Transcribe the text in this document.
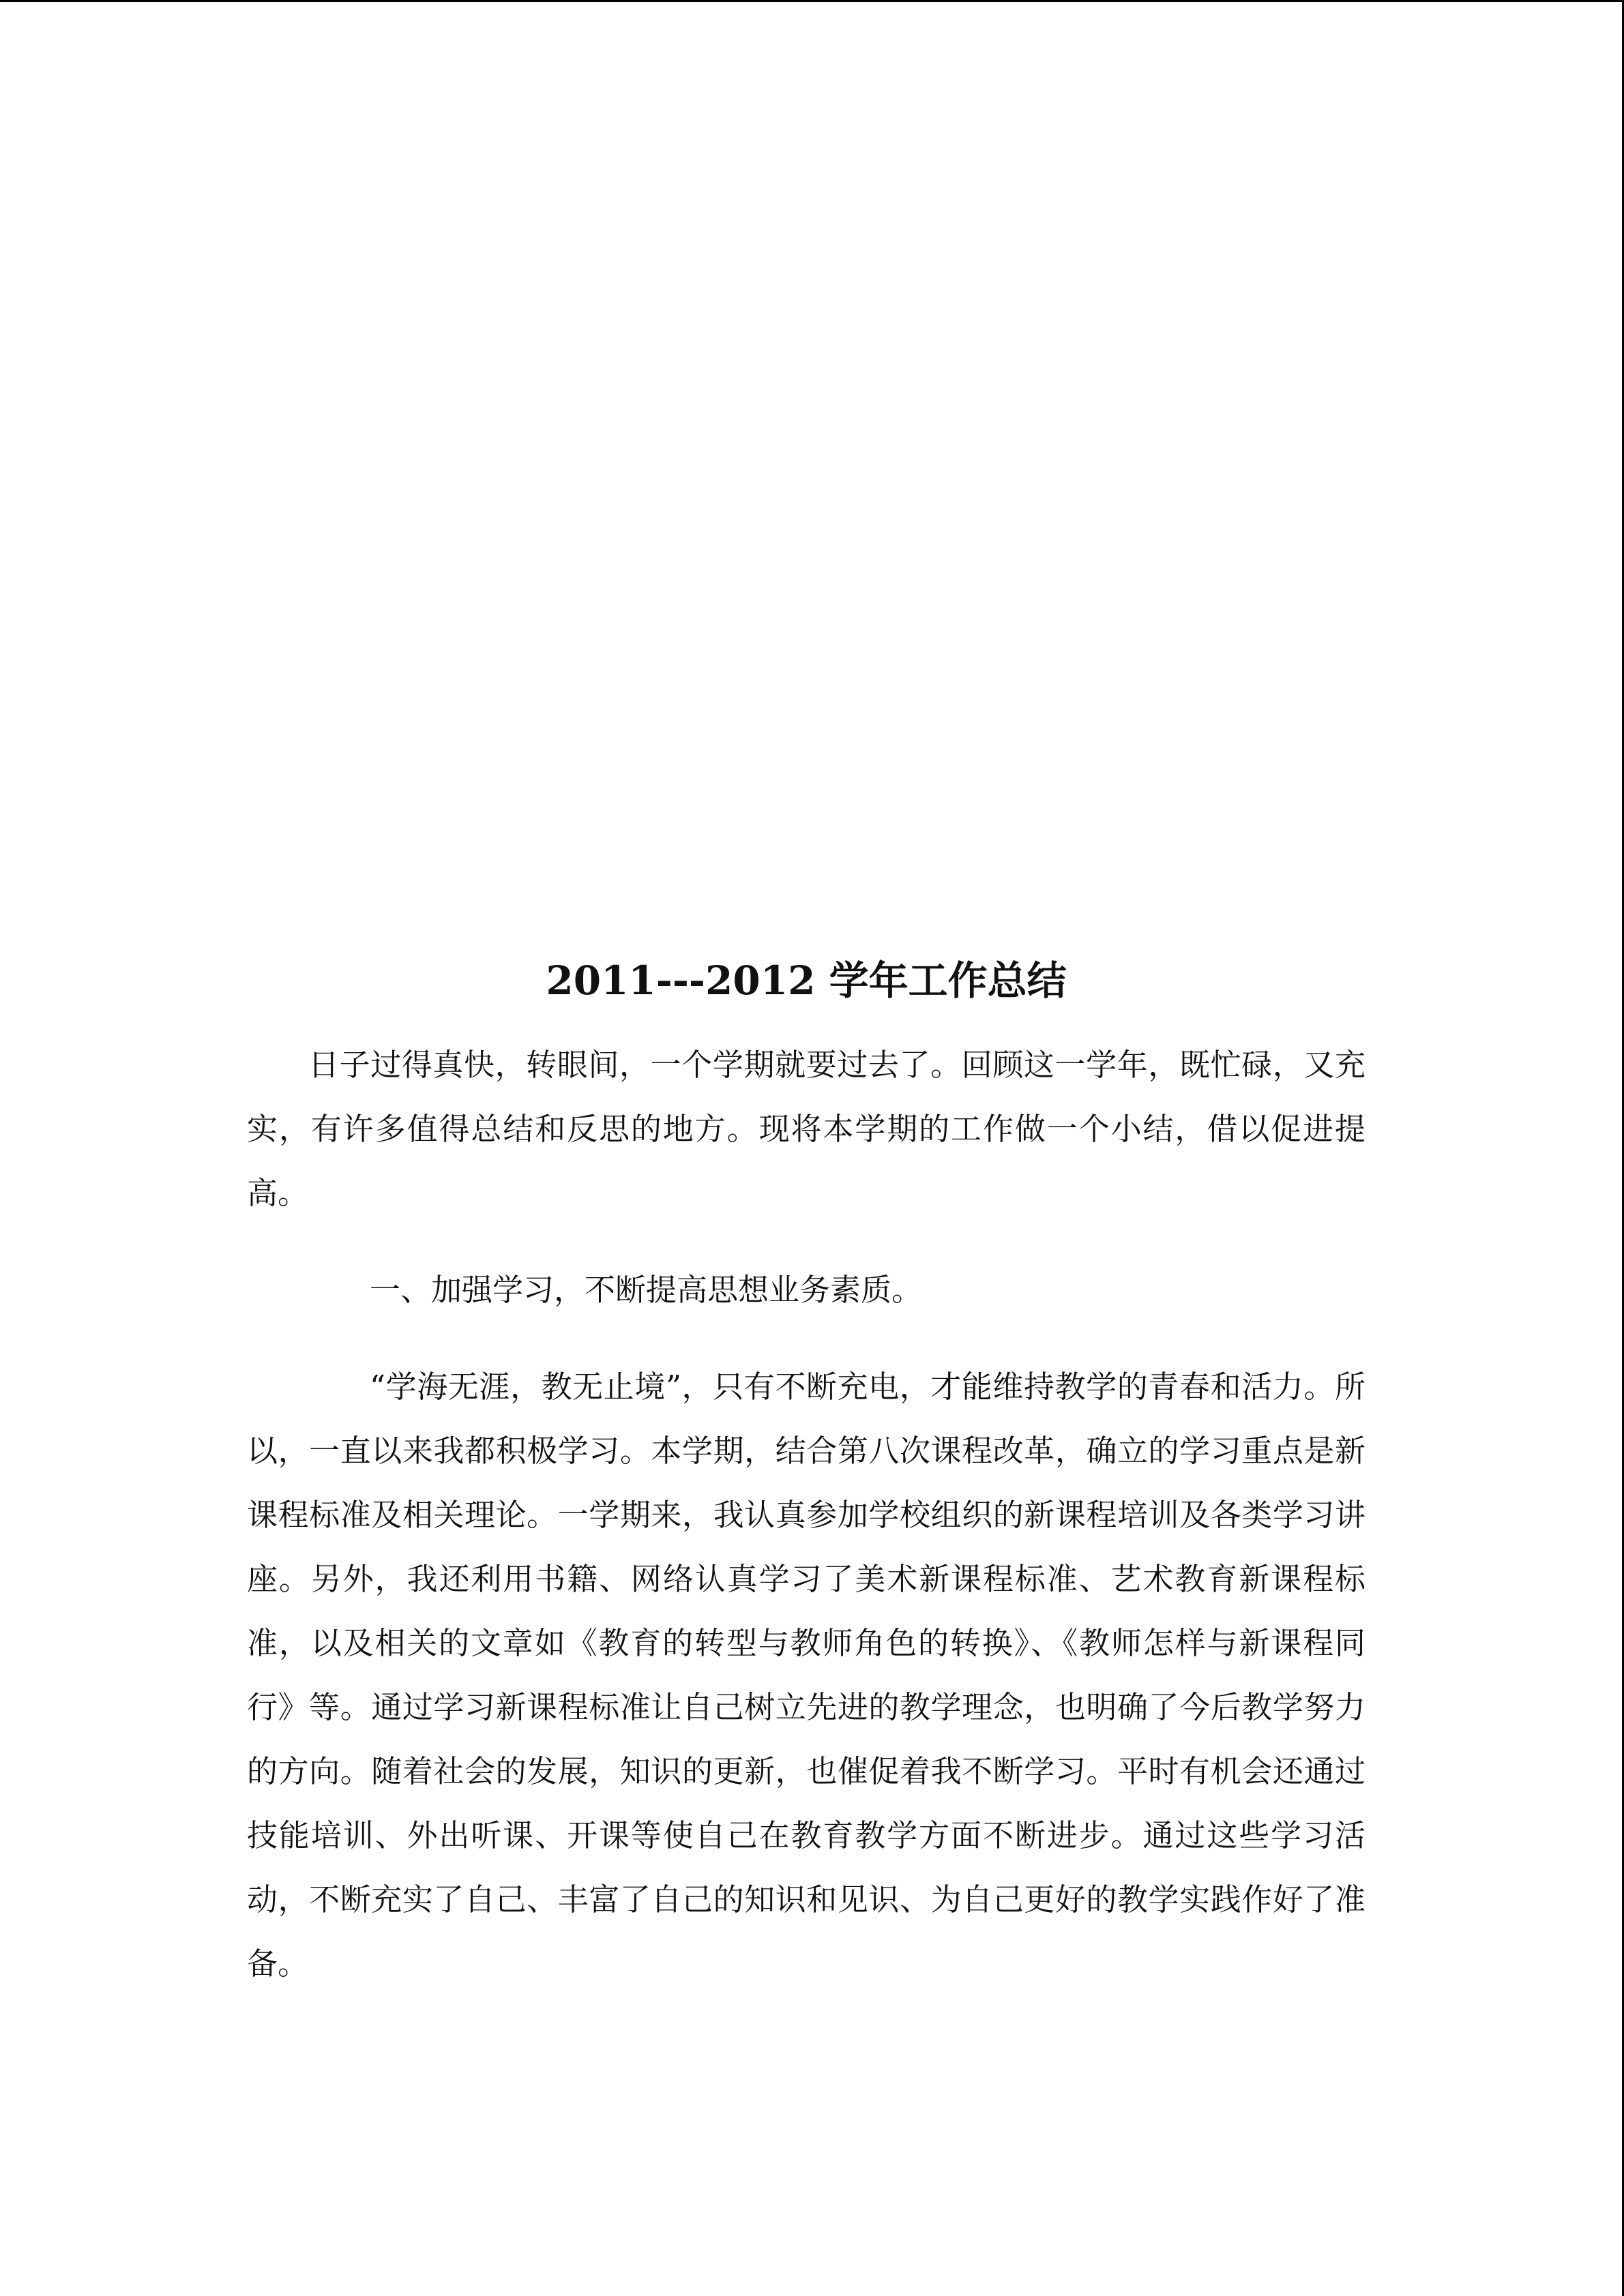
2011---2012 学年工作总结

日子过得真快，转眼间，一个学期就要过去了。回顾这一学年，既忙碌，又充实，有许多值得总结和反思的地方。现将本学期的工作做一个小结，借以促进提高。

一、加强学习，不断提高思想业务素质。

“学海无涯，教无止境”，只有不断充电，才能维持教学的青春和活力。所以，一直以来我都积极学习。本学期，结合第八次课程改革，确立的学习重点是新课程标准及相关理论。一学期来，我认真参加学校组织的新课程培训及各类学习讲座。另外，我还利用书籍、网络认真学习了美术新课程标准、艺术教育新课程标准，以及相关的文章如《教育的转型与教师角色的转换》、《教师怎样与新课程同行》等。通过学习新课程标准让自己树立先进的教学理念，也明确了今后教学努力的方向。随着社会的发展，知识的更新，也催促着我不断学习。平时有机会还通过技能培训、外出听课、开课等使自己在教育教学方面不断进步。通过这些学习活动，不断充实了自己、丰富了自己的知识和见识、为自己更好的教学实践作好了准备。
